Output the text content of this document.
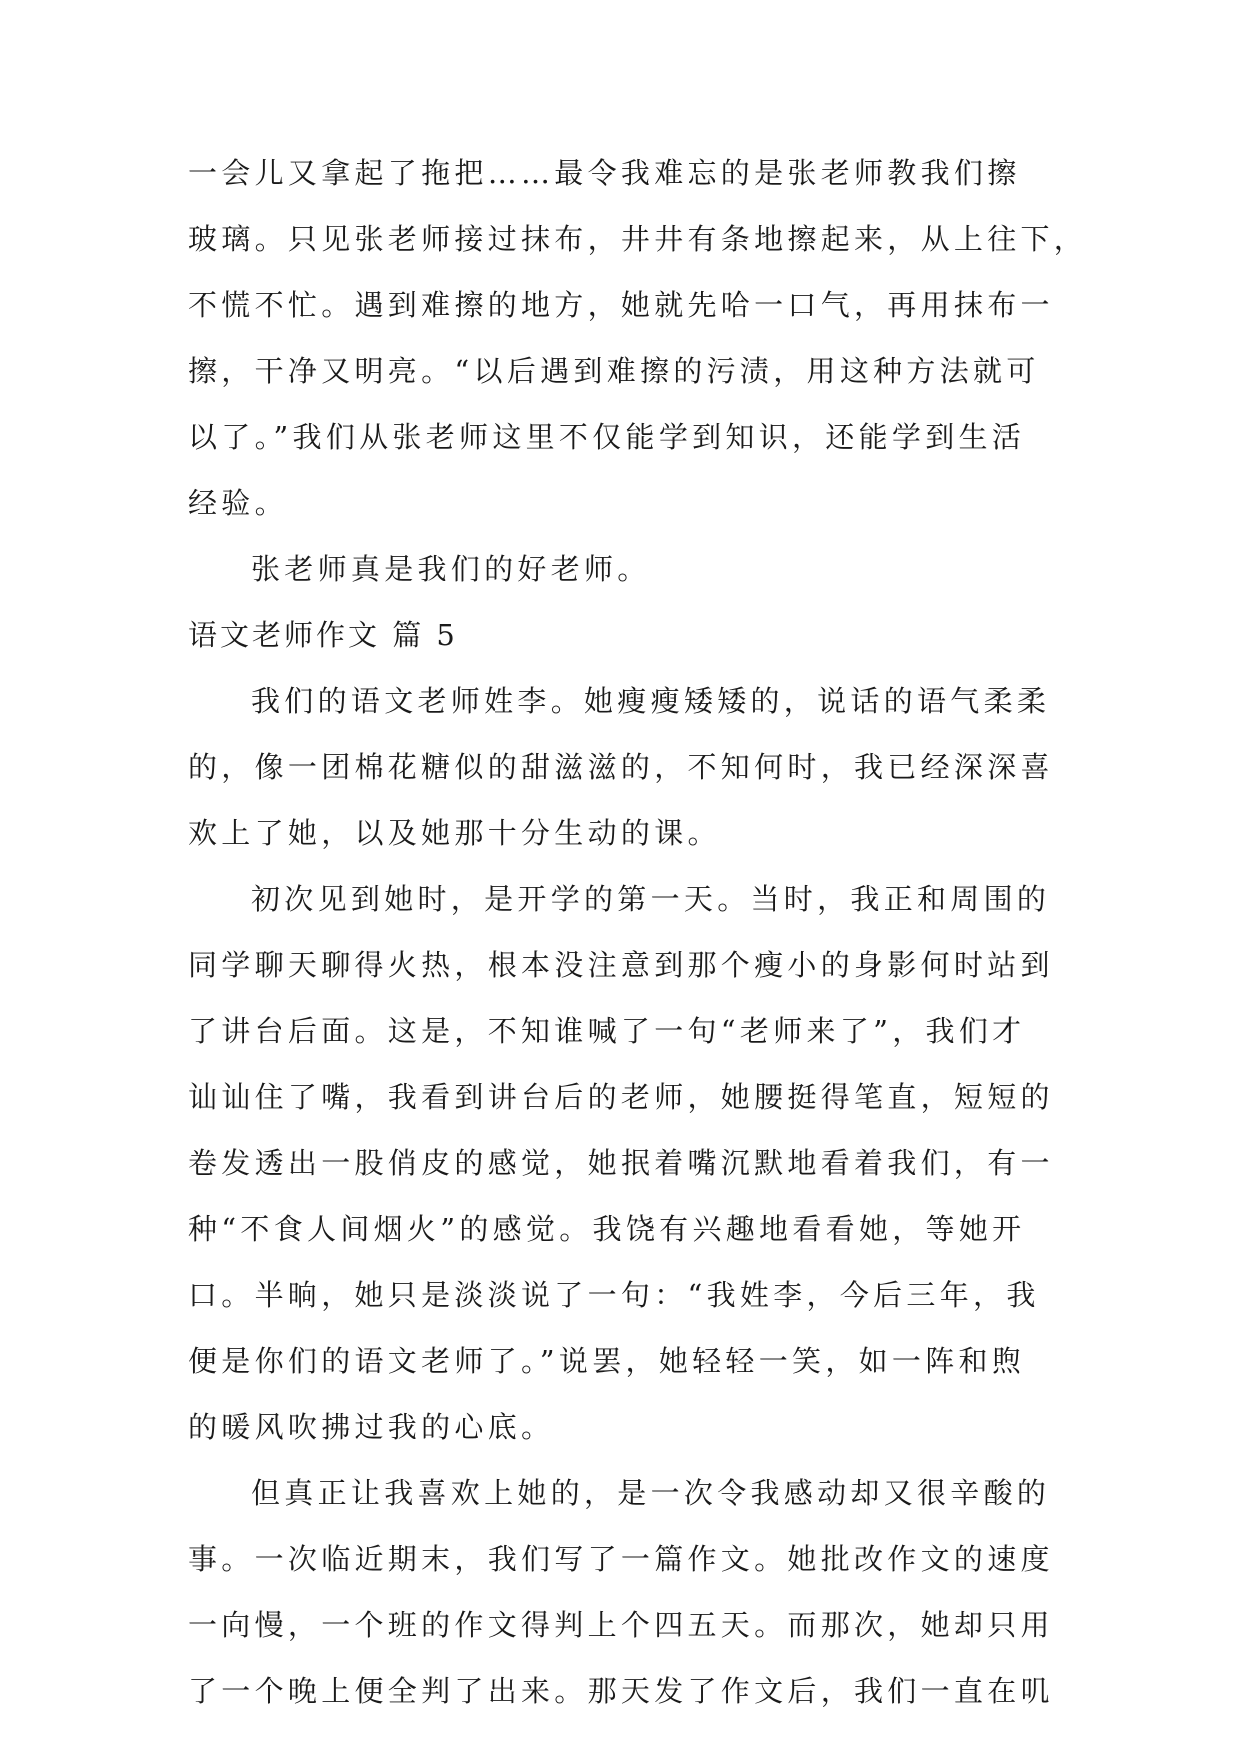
一会儿又拿起了拖把……最令我难忘的是张老师教我们擦
玻璃。只见张老师接过抹布，井井有条地擦起来，从上往下，
不慌不忙。遇到难擦的地方，她就先哈一口气，再用抹布一
擦，干净又明亮。“以后遇到难擦的污渍，用这种方法就可
以了。”我们从张老师这里不仅能学到知识，还能学到生活
经验。
张老师真是我们的好老师。
语文老师作文 篇 5
我们的语文老师姓李。她瘦瘦矮矮的，说话的语气柔柔
的，像一团棉花糖似的甜滋滋的，不知何时，我已经深深喜
欢上了她，以及她那十分生动的课。
初次见到她时，是开学的第一天。当时，我正和周围的
同学聊天聊得火热，根本没注意到那个瘦小的身影何时站到
了讲台后面。这是，不知谁喊了一句“老师来了”，我们才
讪讪住了嘴，我看到讲台后的老师，她腰挺得笔直，短短的
卷发透出一股俏皮的感觉，她抿着嘴沉默地看着我们，有一
种“不食人间烟火”的感觉。我饶有兴趣地看看她，等她开
口。半晌，她只是淡淡说了一句：“我姓李，今后三年，我
便是你们的语文老师了。”说罢，她轻轻一笑，如一阵和煦
的暖风吹拂过我的心底。
但真正让我喜欢上她的，是一次令我感动却又很辛酸的
事。一次临近期末，我们写了一篇作文。她批改作文的速度
一向慢，一个班的作文得判上个四五天。而那次，她却只用
了一个晚上便全判了出来。那天发了作文后，我们一直在叽
